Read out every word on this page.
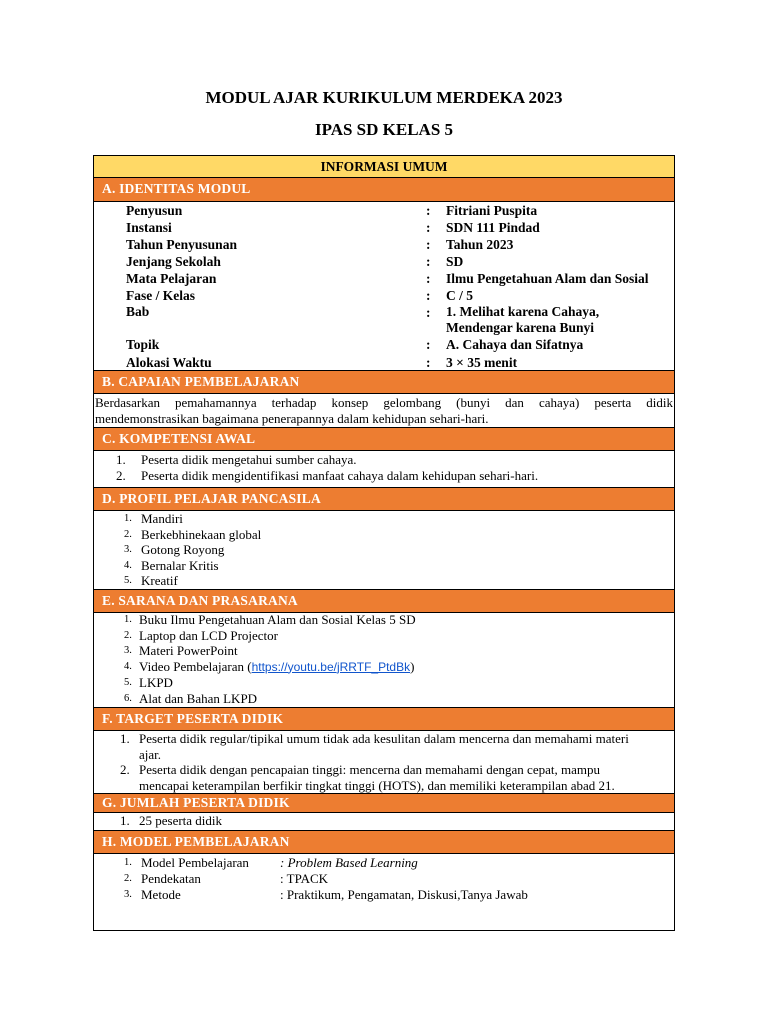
MODUL AJAR KURIKULUM MERDEKA 2023
IPAS SD KELAS 5
INFORMASI UMUM
A. IDENTITAS MODUL
Penyusun	: Fitriani Puspita
Instansi	: SDN 111 Pindad
Tahun Penyusunan	: Tahun 2023
Jenjang Sekolah	: SD
Mata Pelajaran	: Ilmu Pengetahuan Alam dan Sosial
Fase / Kelas	: C / 5
Bab	: 1. Melihat karena Cahaya,
Mendengar karena Bunyi
Topik	: A. Cahaya dan Sifatnya
Alokasi Waktu	: 3 × 35 menit
B. CAPAIAN PEMBELAJARAN
Berdasarkan pemahamannya terhadap konsep gelombang (bunyi dan cahaya) peserta didik mendemonstrasikan bagaimana penerapannya dalam kehidupan sehari-hari.
C. KOMPETENSI AWAL
1. Peserta didik mengetahui sumber cahaya.
2. Peserta didik mengidentifikasi manfaat cahaya dalam kehidupan sehari-hari.
D. PROFIL PELAJAR PANCASILA
1. Mandiri
2. Berkebhinekaan global
3. Gotong Royong
4. Bernalar Kritis
5. Kreatif
E. SARANA DAN PRASARANA
1. Buku Ilmu Pengetahuan Alam dan Sosial Kelas 5 SD
2. Laptop dan LCD Projector
3. Materi PowerPoint
4. Video Pembelajaran (https://youtu.be/jRRTF_PtdBk)
5. LKPD
6. Alat dan Bahan LKPD
F. TARGET PESERTA DIDIK
1. Peserta didik regular/tipikal umum tidak ada kesulitan dalam mencerna dan memahami materi
ajar.
2. Peserta didik dengan pencapaian tinggi: mencerna dan memahami dengan cepat, mampu
mencapai keterampilan berfikir tingkat tinggi (HOTS), dan memiliki keterampilan abad 21.
G. JUMLAH PESERTA DIDIK
1. 25 peserta didik
H. MODEL PEMBELAJARAN
1. Model Pembelajaran : Problem Based Learning
2. Pendekatan	: TPACK
3. Metode	: Praktikum, Pengamatan, Diskusi,Tanya Jawab
